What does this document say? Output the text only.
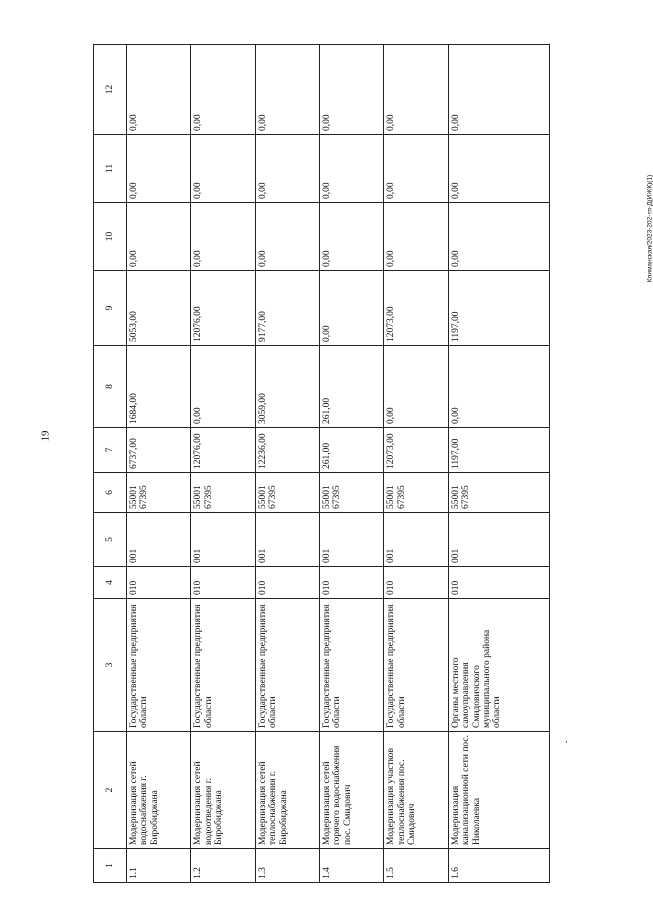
19
Климанская/2023-202-тп-Д(ИЖК)(1)
‚
1	2	3	4	5	6	7	8	9	10	11	12
1.1	Модернизация сетей водоснабжения г. Биробиджана	Государственные предприятия области	010	001	55001 67395	6737,00	1684,00	5053,00	0,00	0,00	0,00
1.2	Модернизация сетей водоотведения г. Биробиджана	Государственные предприятия области	010	001	55001 67395	12076,00	0,00	12076,00	0,00	0,00	0,00
1.3	Модернизация сетей теплоснабжения г. Биробиджана	Государственные предприятия области	010	001	55001 67395	12236,00	3059,00	9177,00	0,00	0,00	0,00
1.4	Модернизация сетей горячего водоснабжения пос. Смидович	Государственные предприятия области	010	001	55001 67395	261,00	261,00	0,00	0,00	0,00	0,00
1.5	Модернизация участков теплоснабжения пос. Смидович	Государственные предприятия области	010	001	55001 67395	12073,00	0,00	12073,00	0,00	0,00	0,00
1.6	Модернизация канализационной сети пос. Николаевка	Органы местного самоуправления Смидовичского муниципального района области	010	001	55001 67395	1197,00	0,00	1197,00	0,00	0,00	0,00
